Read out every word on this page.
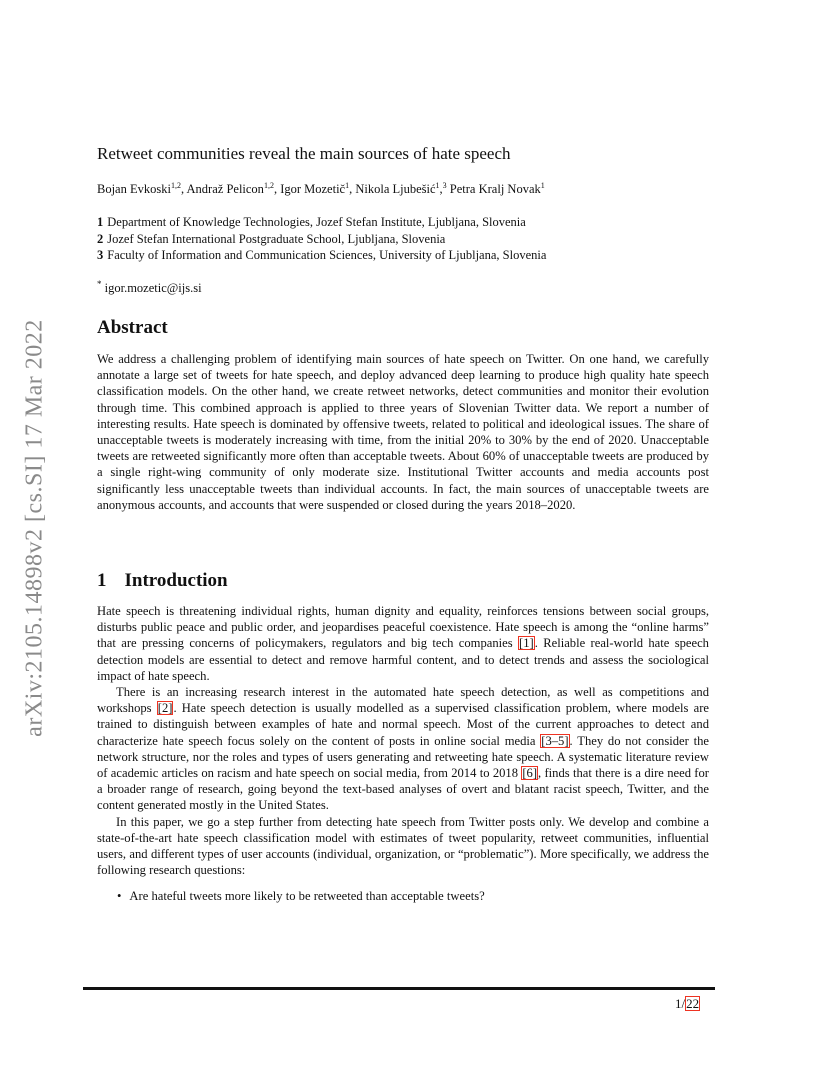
arXiv:2105.14898v2 [cs.SI] 17 Mar 2022
Retweet communities reveal the main sources of hate speech
Bojan Evkoski$^{1,2}$, Andraž Pelicon$^{1,2}$, Igor Mozetič$^1$, Nikola Ljubešić$^1$,$^3$ Petra Kralj Novak$^1$
1 Department of Knowledge Technologies, Jozef Stefan Institute, Ljubljana, Slovenia
2 Jozef Stefan International Postgraduate School, Ljubljana, Slovenia
3 Faculty of Information and Communication Sciences, University of Ljubljana, Slovenia
* igor.mozetic@ijs.si
Abstract
We address a challenging problem of identifying main sources of hate speech on Twitter. On one hand, we carefully annotate a large set of tweets for hate speech, and deploy advanced deep learning to produce high quality hate speech classification models. On the other hand, we create retweet networks, detect communities and monitor their evolution through time. This combined approach is applied to three years of Slovenian Twitter data. We report a number of interesting results. Hate speech is dominated by offensive tweets, related to political and ideological issues. The share of unacceptable tweets is moderately increasing with time, from the initial 20% to 30% by the end of 2020. Unacceptable tweets are retweeted significantly more often than acceptable tweets. About 60% of unacceptable tweets are produced by a single right-wing community of only moderate size. Institutional Twitter accounts and media accounts post significantly less unacceptable tweets than individual accounts. In fact, the main sources of unacceptable tweets are anonymous accounts, and accounts that were suspended or closed during the years 2018–2020.
1 Introduction

Hate speech is threatening individual rights, human dignity and equality, reinforces tensions between social groups, disturbs public peace and public order, and jeopardises peaceful coexistence. Hate speech is among the “online harms” that are pressing concerns of policymakers, regulators and big tech companies [1]. Reliable real-world hate speech detection models are essential to detect and remove harmful content, and to detect trends and assess the sociological impact of hate speech.

There is an increasing research interest in the automated hate speech detection, as well as competitions and workshops [2]. Hate speech detection is usually modelled as a supervised classification problem, where models are trained to distinguish between examples of hate and normal speech. Most of the current approaches to detect and characterize hate speech focus solely on the content of posts in online social media [3–5]. They do not consider the network structure, nor the roles and types of users generating and retweeting hate speech. A systematic literature review of academic articles on racism and hate speech on social media, from 2014 to 2018 [6], finds that there is a dire need for a broader range of research, going beyond the text-based analyses of overt and blatant racist speech, Twitter, and the content generated mostly in the United States.

In this paper, we go a step further from detecting hate speech from Twitter posts only. We develop and combine a state-of-the-art hate speech classification model with estimates of tweet popularity, retweet communities, influential users, and different types of user accounts (individual, organization, or “problematic”). More specifically, we address the following research questions:

• Are hateful tweets more likely to be retweeted than acceptable tweets?

1/22
